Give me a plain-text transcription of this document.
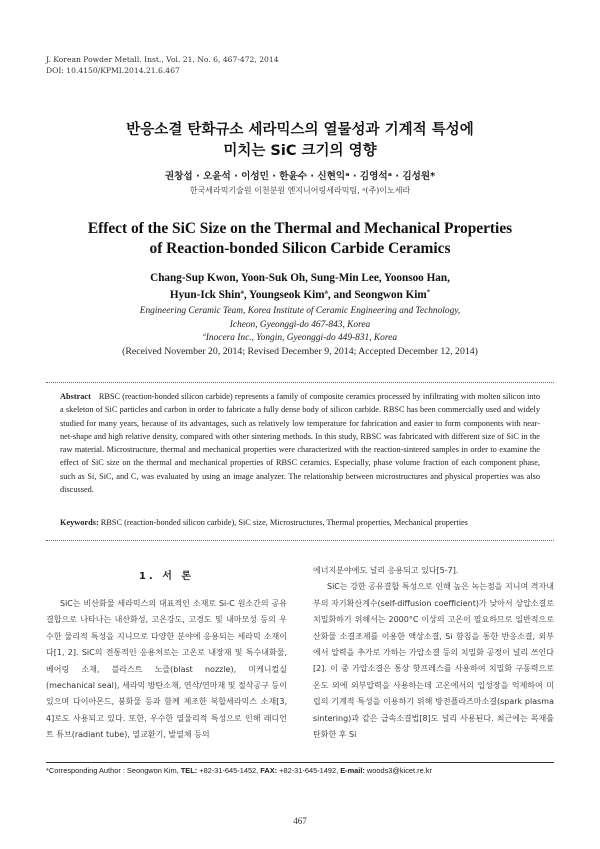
J. Korean Powder Metall. Inst., Vol. 21, No. 6, 467-472, 2014
DOI: 10.4150/KPMI.2014.21.6.467
반응소결 탄화규소 세라믹스의 열물성과 기계적 특성에
미치는 SiC 크기의 영향
권창섭 · 오윤석 · 이성민 · 한윤수 · 신현익ᵃ · 김영석ᵃ · 김성원*
한국세라믹기술원 이천분원 엔지니어링세라믹팀, ᵃ(주)이노세라
Effect of the SiC Size on the Thermal and Mechanical Properties
of Reaction-bonded Silicon Carbide Ceramics
Chang-Sup Kwon, Yoon-Suk Oh, Sung-Min Lee, Yoonsoo Han,
Hyun-Ick Shin$^a$, Youngseok Kim$^a$, and Seongwon Kim*
Engineering Ceramic Team, Korea Institute of Ceramic Engineering and Technology,
Icheon, Gyeonggi-do 467-843, Korea
$^a$Inocera Inc., Yongin, Gyeonggi-do 449-831, Korea
(Received November 20, 2014; Revised December 9, 2014; Accepted December 12, 2014)
Abstract RBSC (reaction-bonded silicon carbide) represents a family of composite ceramics processed by infiltrating with molten silicon into a skeleton of SiC particles and carbon in order to fabricate a fully dense body of silicon carbide. RBSC has been commercially used and widely studied for many years, because of its advantages, such as relatively low temperature for fabrication and easier to form components with near-net-shape and high relative density, compared with other sintering methods. In this study, RBSC was fabricated with different size of SiC in the raw material. Microstructure, thermal and mechanical properties were characterized with the reaction-sintered samples in order to examine the effect of SiC size on the thermal and mechanical properties of RBSC ceramics. Especially, phase volume fraction of each component phase, such as Si, SiC, and C, was evaluated by using an image analyzer. The relationship between microstructures and physical properties was also discussed.
Keywords: RBSC (reaction-bonded silicon carbide), SiC size, Microstructures, Thermal properties, Mechanical properties
1. 서 론
SiC는 비산화물 세라믹스의 대표적인 소재로 Si-C 원소간의 공유결합으로 나타나는 내산화성, 고온강도, 고경도 및 내마모성 등의 우수한 물리적 특성을 지니므로 다양한 분야에 응용되는 세라믹 소재이다[1, 2]. SiC의 전통적인 응용처로는 고온로 내장재 및 특수내화물, 베어링 소재, 블라스트 노즐(blast nozzle), 미케니컬실(mechanical seal), 세라믹 방탄소재, 연삭/연마재 및 절삭공구 등이 있으며 다이아몬드, 붕화물 등과 함께 제조한 복합세라믹스 소재[3, 4]로도 사용되고 있다. 또한, 우수한 열물리적 특성으로 인해 래디언트 튜브(radiant tube), 열교환기, 발열체 등의
에너지분야에도 널리 응용되고 있다[5-7].
SiC는 강한 공유결합 특성으로 인해 높은 녹는점을 지니며 격자내부의 자기확산계수(self-diffusion coefficient)가 낮아서 상압소결로 치밀화하기 위해서는 2000°C 이상의 고온이 필요하므로 일반적으로 산화물 소결조제를 이용한 액상소결, Si 함침을 통한 반응소결, 외부에서 압력을 추가로 가하는 가압소결 등의 치밀화 공정이 널리 쓰인다[2]. 이 중 가압소결은 통상 핫프레스를 사용하여 치밀화 구동력으로 온도 외에 외부압력을 사용하는데 고온에서의 입성장을 억제하여 미립의 기계적 특성을 이용하기 위해 방전플라즈마소결(spark plasma sintering)과 같은 급속소결법[8]도 널리 사용된다. 최근에는 목재를 탄화한 후 Si
*Corresponding Author : Seongwon Kim, TEL: +82-31-645-1452, FAX: +82-31-645-1492, E-mail: woods3@kicet.re.kr
467
